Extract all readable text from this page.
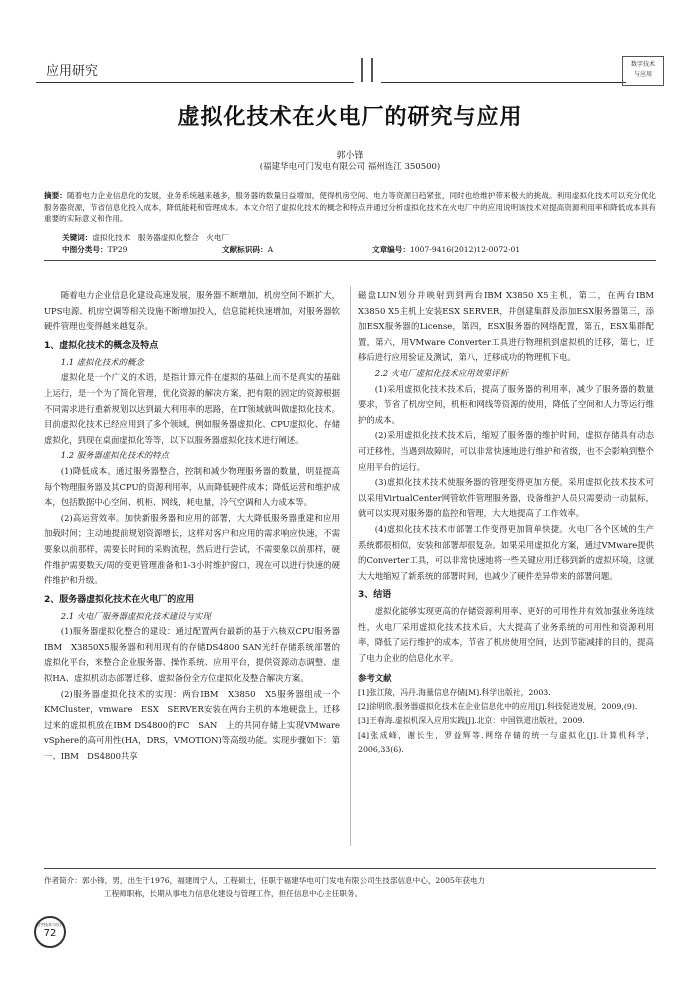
应用研究	数字技术
与应用
虚拟化技术在火电厂的研究与应用
郭小锋
(福建华电可门发电有限公司 福州连江 350500)
摘要：随着电力企业信息化的发展，业务系统越来越多，服务器的数量日益增加，使得机房空间、电力等资源日趋紧张，同时也给维护带来极大的挑战。利用虚拟化技术可以充分优化服务器资源，节省信息化投入成本，降低能耗和管理成本。本文介绍了虚拟化技术的概念和特点并通过分析虚拟化技术在火电厂中的应用说明该技术对提高资源利用率和降低成本具有重要的实际意义和作用。
关键词：虚拟化技术　服务器虚拟化整合　火电厂
中图分类号：TP29	文献标识码：A	文章编号：1007-9416(2012)12-0072-01

随着电力企业信息化建设高速发展，服务器不断增加，机房空间不断扩大，UPS电源、机房空调等相关设施不断增加投入，信息能耗快速增加，对服务器软硬件管理也变得越来越复杂。

1、虚拟化技术的概念及特点
1.1 虚拟化技术的概念

虚拟化是一个广义的术语，是指计算元件在虚拟的基础上而不是真实的基础上运行，是一个为了简化管理，优化资源的解决方案，把有限的固定的资源根据不同需求进行重新规划以达到最大利用率的思路，在IT领域就叫做虚拟化技术。目前虚拟化技术已经应用到了多个领域，例如服务器虚拟化、CPU虚拟化、存储虚拟化，到现在桌面虚拟化等等，以下以服务器虚拟化技术进行阐述。

1.2 服务器虚拟化技术的特点

(1)降低成本。通过服务器整合，控制和减少物理服务器的数量，明显提高每个物理服务器及其CPU的资源利用率，从而降低硬件成本；降低运营和维护成本，包括数据中心空间、机柜、网线，耗电量，冷气空调和人力成本等。

(2)高运营效率。加快新服务器和应用的部署，大大降低服务器重建和应用加载时间；主动地提前规划资源增长，这样对客户和应用的需求响应快速，不需要象以前那样，需要长时间的采购流程，然后进行尝试，不需要象以前那样，硬件维护需要数天/周的变更管理准备和1-3小时维护窗口，现在可以进行快速的硬件维护和升级。

2、服务器虚拟化技术在火电厂的应用
2.1 火电厂服务器虚拟化技术建设与实现

(1)服务器虚拟化整合的建设：通过配置两台最新的基于六核双CPU服务器IBM　X3850X5服务器和利用现有的存储DS4800 SAN光纤存储系统部署的虚拟化平台，来整合企业服务器、操作系统、应用平台，提供资源动态调整、虚拟HA、虚拟机动态部署迁移、虚拟备份全方位虚拟化及整合解决方案。

(2)服务器虚拟化技术的实现：两台IBM　X3850　X5服务器组成一个KMCluster，vmware　ESX　SERVER安装在两台主机的本地硬盘上，迁移过来的虚拟机放在IBM DS4800的FC　SAN　上的共同存储上实现VMware　vSphere的高可用性(HA，DRS，VMOTION)等高级功能。实现步骤如下：第一、IBM　DS4800共享

磁盘LUN划分并映射到到两台IBM X3850 X5主机，第二，在两台IBM X3850 X5主机上安装ESX SERVER，并创建集群及添加ESX服务器第三，添加ESX服务器的License，第四，ESX服务器的网络配置，第五，ESX集群配置，第六，用VMware Converter工具进行物理机到虚拟机的迁移，第七，迁移后进行应用验证及测试，第八，迁移成功的物理机下电。

2.2 火电厂虚拟化技术应用效果评析

(1)采用虚拟化技术技术后，提高了服务器的利用率，减少了服务器的数量要求，节省了机房空间，机柜和网线等资源的使用，降低了空间和人力等运行维护的成本。

(2)采用虚拟化技术技术后，缩短了服务器的维护时间，虚拟存储具有动态可迁移性，当遇到故障时，可以非常快速地进行维护和省级，也不会影响到整个应用平台的运行。

(3)虚拟化技术技术使服务器的管理变得更加方便。采用虚拟化技术技术可以采用VirtualCenter网管软件管理服务器，设备维护人员只需要动一动鼠标，就可以实现对服务器的监控和管理，大大地提高了工作效率。

(4)虚拟化技术技术市部署工作变得更加简单快捷。火电厂各个区域的生产系统都很相似，安装和部署却很复杂。如果采用虚拟化方案，通过VMware提供的Converter工具，可以非常快速地将一些关键应用迁移到新的虚拟环境，这就大大地缩短了新系统的部署时间，也减少了硬件差异带来的部署问题。

3、结语

虚拟化能够实现更高的存储资源利用率、更好的可用性并有效加强业务连续性，火电厂采用虚拟化技术技术后，大大提高了业务系统的可用性和资源利用率，降低了运行维护的成本，节省了机房使用空间，达到节能减排的目的，提高了电力企业的信息化水平。

参考文献

[1]张江陵，冯丹.海量信息存储[M].科学出版社，2003.

[2]徐明欣.服务器虚拟化技术在企业信息化中的应用[J].科技促进发展，2009,(9).

[3]王春海.虚拟机深入应用实践[J].北京：中国铁道出版社，2009.

[4]张成峰，谢长生，罗益辉等.网络存储的统一与虚拟化[J].计算机科学，2006,33(6).

作者简介：郭小锋，男，出生于1976，福建周宁人，工程硕士，任职于福建华电可门发电有限公司生技部信息中心，2005年获电力
工程师职称，长期从事电力信息化建设与管理工作，担任信息中心主任职务。
数字技术与应用
72
